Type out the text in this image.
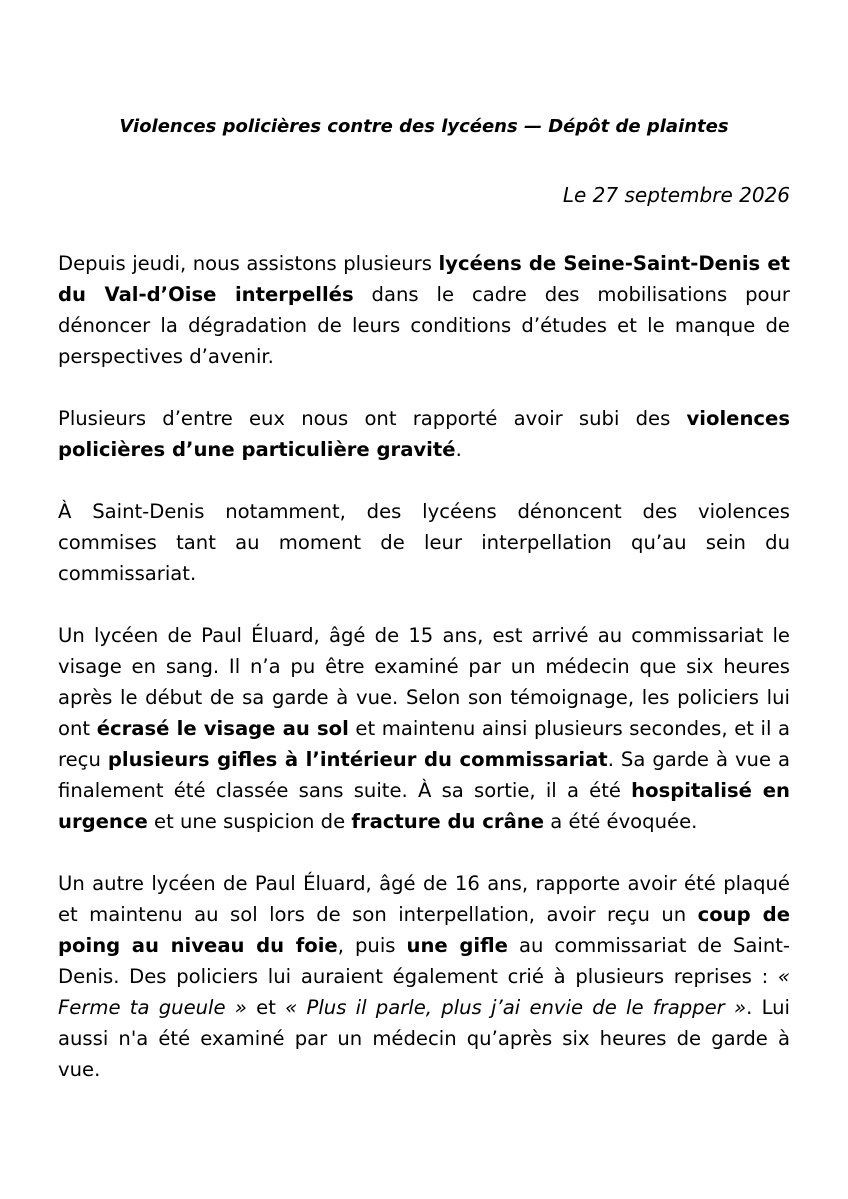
Violences policières contre des lycéens — Dépôt de plaintes
Le 27 septembre 2026

Depuis jeudi, nous assistons plusieurs lycéens de Seine-Saint-Denis et du Val-d’Oise interpellés dans le cadre des mobilisations pour dénoncer la dégradation de leurs conditions d’études et le manque de perspectives d’avenir.

Plusieurs d’entre eux nous ont rapporté avoir subi des violences policières d’une particulière gravité.

À Saint-Denis notamment, des lycéens dénoncent des violences commises tant au moment de leur interpellation qu’au sein du commissariat.

Un lycéen de Paul Éluard, âgé de 15 ans, est arrivé au commissariat le visage en sang. Il n’a pu être examiné par un médecin que six heures après le début de sa garde à vue. Selon son témoignage, les policiers lui ont écrasé le visage au sol et maintenu ainsi plusieurs secondes, et il a reçu plusieurs gifles à l’intérieur du commissariat. Sa garde à vue a finalement été classée sans suite. À sa sortie, il a été hospitalisé en urgence et une suspicion de fracture du crâne a été évoquée.

Un autre lycéen de Paul Éluard, âgé de 16 ans, rapporte avoir été plaqué et maintenu au sol lors de son interpellation, avoir reçu un coup de poing au niveau du foie, puis une gifle au commissariat de Saint-Denis. Des policiers lui auraient également crié à plusieurs reprises : « Ferme ta gueule » et « Plus il parle, plus j’ai envie de le frapper ». Lui aussi n'a été examiné par un médecin qu’après six heures de garde à vue.
